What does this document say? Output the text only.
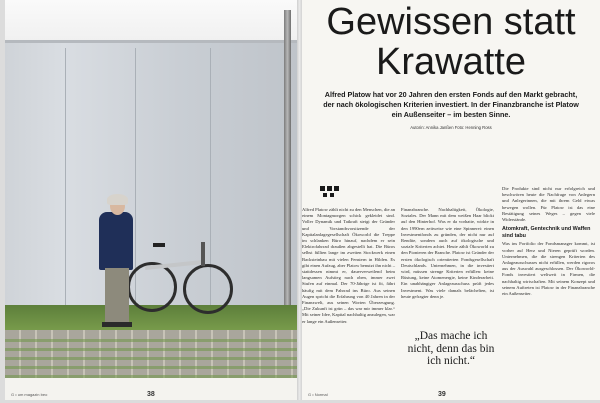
G • um magazin beo	38
Gewissen statt
Krawatte
Alfred Platow hat vor 20 Jahren den ersten Fonds auf den Markt gebracht, der nach ökologischen Kriterien investiert. In der Finanzbranche ist Platow ein Außenseiter – im besten Sinne.
Autorin: Annika Janßen Foto: Henning Ross
Alfred Platow zählt nicht zu den Menschen, die an einem Montagmorgen schick gekleidet sind. Voller Dynamik und Tatkraft steigt der Gründer und Vorstandsvorsitzende der Kapitalanlagegesellschaft Ökoworld die Treppe im schlanken Büro hinauf, nachdem er sein Elektrofahrrad draußen abgestellt hat. Die Büros selbst füllten lange im zweiten Stockwerk einen Backsteinbau mit vielen Fenstern in Hilden. Es gibt einen Aufzug, aber Platow benutzt ihn nicht – stattdessen nimmt er, dauerverweilend beim langsamen Aufstieg nach oben, immer zwei Stufen auf einmal. Der 70-Jährige ist fit, fährt häufig mit dem Fahrrad ins Büro. Aus seinen Augen spricht die Erfahrung von 40 Jahren in der Finanzwelt, aus seinen Worten Überzeugung. „Die Zukunft ist grün – das war mir immer klar.“ Mit seiner Idee, Kapital nachhaltig anzulegen, war er lange ein Außenseiter.
Finanzbranche. Nachhaltigkeit, Ökologie, Soziales. Der Mann mit dem weißen Haar blickt auf den Hinterhof. Was er da vorhatte, wirkte in den 1990ern zeitweise wie eine Spinnerei: einen Investmentfonds zu gründen, der nicht nur auf Rendite, sondern auch auf ökologische und soziale Kriterien achtet. Heute zählt Ökoworld zu den Pionieren der Branche. Platow ist Gründer der ersten ökologisch orientierten Fondsgesellschaft Deutschlands. Unternehmen, in die investiert wird, müssen strenge Kriterien erfüllen: keine Rüstung, keine Atomenergie, keine Kinderarbeit. Ein unabhängiger Anlageausschuss prüft jedes Investment. Was viele damals belächelten, ist heute gefragter denn je.
Die Produkte sind nicht nur erfolgreich und beschwören heute die Nachfrage von Anlegern und Anlegerinnen, die mit ihrem Geld etwas bewegen wollen. Für Platow ist das eine Bestätigung seines Weges – gegen viele Widerstände.
Atomkraft, Gentechnik und Waffen sind tabu
Was ins Portfolio der Fondsmanager kommt, ist vorher auf Herz und Nieren geprüft worden. Unternehmen, die die strengen Kriterien des Anlageausschusses nicht erfüllen, werden rigoros aus der Auswahl ausgeschlossen. Der Ökoworld-Fonds investiert weltweit in Firmen, die nachhaltig wirtschaften. Mit seinem Konzept und seinem Auftreten ist Platow in der Finanzbranche ein Außenseiter.
„Das mache ich nicht, denn das bin ich nicht.“
G • Normal	39
